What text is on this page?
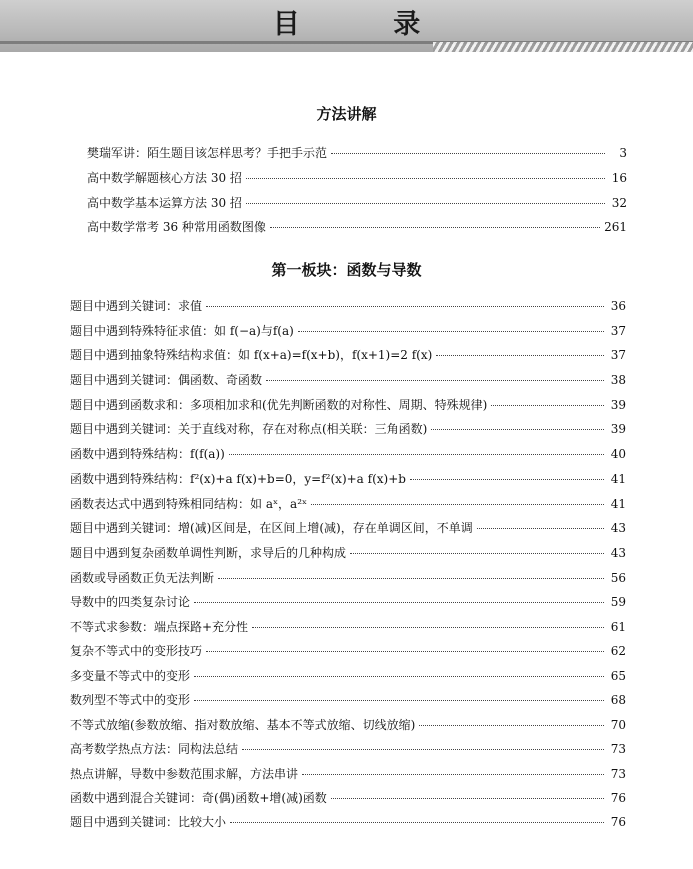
目 录
方法讲解
樊瑞军讲：陌生题目该怎样思考？手把手示范	3
高中数学解题核心方法 30 招	16
高中数学基本运算方法 30 招	32
高中数学常考 36 种常用函数图像	261
第一板块：函数与导数
题目中遇到关键词：求值	36
题目中遇到特殊特征求值：如 f(−a)与f(a)	37
题目中遇到抽象特殊结构求值：如 f(x+a)=f(x+b)，f(x+1)=2 f(x)	37
题目中遇到关键词：偶函数、奇函数	38
题目中遇到函数求和：多项相加求和(优先判断函数的对称性、周期、特殊规律)	39
题目中遇到关键词：关于直线对称，存在对称点(相关联：三角函数)	39
函数中遇到特殊结构：f(f(a))	40
函数中遇到特殊结构：f²(x)+a f(x)+b=0，y=f²(x)+a f(x)+b	41
函数表达式中遇到特殊相同结构：如 aˣ，a²ˣ	41
题目中遇到关键词：增(减)区间是，在区间上增(减)，存在单调区间，不单调	43
题目中遇到复杂函数单调性判断，求导后的几种构成	43
函数或导函数正负无法判断	56
导数中的四类复杂讨论	59
不等式求参数：端点探路+充分性	61
复杂不等式中的变形技巧	62
多变量不等式中的变形	65
数列型不等式中的变形	68
不等式放缩(参数放缩、指对数放缩、基本不等式放缩、切线放缩)	70
高考数学热点方法：同构法总结	73
热点讲解，导数中参数范围求解，方法串讲	73
函数中遇到混合关键词：奇(偶)函数+增(减)函数	76
题目中遇到关键词：比较大小	76
